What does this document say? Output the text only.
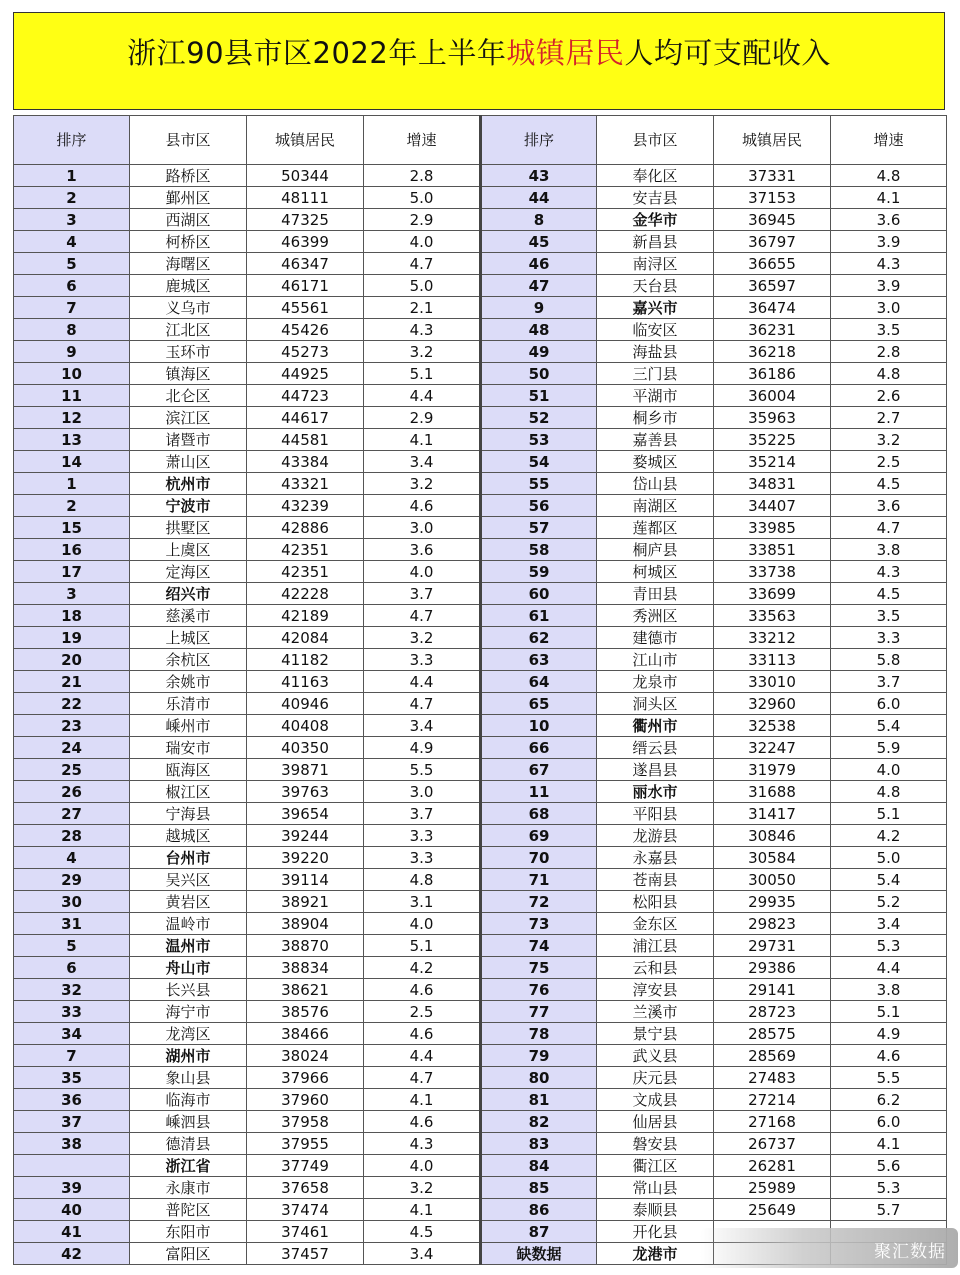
浙江90县市区2022年上半年城镇居民人均可支配收入
排序	县市区	城镇居民	增速	排序	县市区	城镇居民	增速
1	路桥区	50344	2.8	43	奉化区	37331	4.8
2	鄞州区	48111	5.0	44	安吉县	37153	4.1
3	西湖区	47325	2.9	8	金华市	36945	3.6
4	柯桥区	46399	4.0	45	新昌县	36797	3.9
5	海曙区	46347	4.7	46	南浔区	36655	4.3
6	鹿城区	46171	5.0	47	天台县	36597	3.9
7	义乌市	45561	2.1	9	嘉兴市	36474	3.0
8	江北区	45426	4.3	48	临安区	36231	3.5
9	玉环市	45273	3.2	49	海盐县	36218	2.8
10	镇海区	44925	5.1	50	三门县	36186	4.8
11	北仑区	44723	4.4	51	平湖市	36004	2.6
12	滨江区	44617	2.9	52	桐乡市	35963	2.7
13	诸暨市	44581	4.1	53	嘉善县	35225	3.2
14	萧山区	43384	3.4	54	婺城区	35214	2.5
1	杭州市	43321	3.2	55	岱山县	34831	4.5
2	宁波市	43239	4.6	56	南湖区	34407	3.6
15	拱墅区	42886	3.0	57	莲都区	33985	4.7
16	上虞区	42351	3.6	58	桐庐县	33851	3.8
17	定海区	42351	4.0	59	柯城区	33738	4.3
3	绍兴市	42228	3.7	60	青田县	33699	4.5
18	慈溪市	42189	4.7	61	秀洲区	33563	3.5
19	上城区	42084	3.2	62	建德市	33212	3.3
20	余杭区	41182	3.3	63	江山市	33113	5.8
21	余姚市	41163	4.4	64	龙泉市	33010	3.7
22	乐清市	40946	4.7	65	洞头区	32960	6.0
23	嵊州市	40408	3.4	10	衢州市	32538	5.4
24	瑞安市	40350	4.9	66	缙云县	32247	5.9
25	瓯海区	39871	5.5	67	遂昌县	31979	4.0
26	椒江区	39763	3.0	11	丽水市	31688	4.8
27	宁海县	39654	3.7	68	平阳县	31417	5.1
28	越城区	39244	3.3	69	龙游县	30846	4.2
4	台州市	39220	3.3	70	永嘉县	30584	5.0
29	吴兴区	39114	4.8	71	苍南县	30050	5.4
30	黄岩区	38921	3.1	72	松阳县	29935	5.2
31	温岭市	38904	4.0	73	金东区	29823	3.4
5	温州市	38870	5.1	74	浦江县	29731	5.3
6	舟山市	38834	4.2	75	云和县	29386	4.4
32	长兴县	38621	4.6	76	淳安县	29141	3.8
33	海宁市	38576	2.5	77	兰溪市	28723	5.1
34	龙湾区	38466	4.6	78	景宁县	28575	4.9
7	湖州市	38024	4.4	79	武义县	28569	4.6
35	象山县	37966	4.7	80	庆元县	27483	5.5
36	临海市	37960	4.1	81	文成县	27214	6.2
37	嵊泗县	37958	4.6	82	仙居县	27168	6.0
38	德清县	37955	4.3	83	磐安县	26737	4.1
	浙江省	37749	4.0	84	衢江区	26281	5.6
39	永康市	37658	3.2	85	常山县	25989	5.3
40	普陀区	37474	4.1	86	泰顺县	25649	5.7
41	东阳市	37461	4.5	87	开化县		
42	富阳区	37457	3.4	缺数据	龙港市			聚汇数据
